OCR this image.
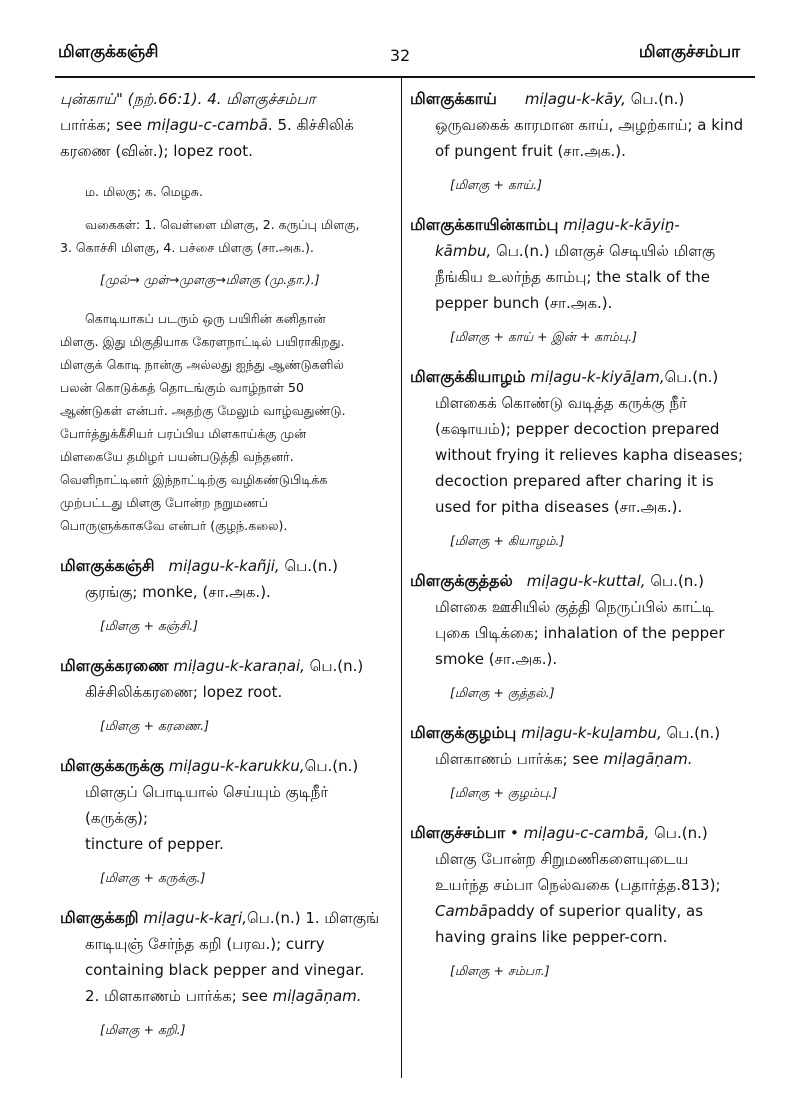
மிளகுக்கஞ்சி	32	மிளகுச்சம்பா

புன்காய்" (நற்.66:1). 4. மிளகுச்சம்பா

பார்க்க; see miḷagu-c-cambā. 5. கிச்சிலிக்

கரணை (வின்.); lopez root.

ம. மிலகு; க. மெழசு.

வகைகள்: 1. வெள்ளை மிளகு, 2. கருப்பு மிளகு,

3. கொச்சி மிளகு, 4. பச்சை மிளகு (சா.அக.).

[முல்→ முள்→முளகு→மிளகு (மு.தா.).]

கொடியாகப் படரும் ஒரு பயிரின் கனிதான்

மிளகு. இது மிகுதியாக கேரளநாட்டில் பயிராகிறது.

மிளகுக் கொடி நான்கு அல்லது ஐந்து ஆண்டுகளில்

பலன் கொடுக்கத் தொடங்கும் வாழ்நாள் 50

ஆண்டுகள் என்பர். அதற்கு மேலும் வாழ்வதுண்டு.

போர்த்துக்கீசியர் பரப்பிய மிளகாய்க்கு முன்

மிளகையே தமிழர் பயன்படுத்தி வந்தனர்.

வெளிநாட்டினர் இந்நாட்டிற்கு வழிகண்டுபிடிக்க

முற்பட்டது மிளகு போன்ற நறுமணப்

பொருளுக்காகவே என்பர் (குழந்.கலை).

மிளகுக்கஞ்சி miḷagu-k-kañji, பெ.(n.)

குரங்கு; monke, (சா.அக.).

[மிளகு + கஞ்சி.]

மிளகுக்கரணை miḷagu-k-karaṇai, பெ.(n.)

கிச்சிலிக்கரணை; lopez root.

[மிளகு + கரணை.]

மிளகுக்கருக்கு miḷagu-k-karukku,பெ.(n.)

மிளகுப் பொடியால் செய்யும் குடிநீர் (கருக்கு);

tincture of pepper.

[மிளகு + கருக்கு.]

மிளகுக்கறி miḷagu-k-kaṟi,பெ.(n.) 1. மிளகுங்

காடியுஞ் சேர்ந்த கறி (பரவ.); curry

containing black pepper and vinegar.

2. மிளகாணம் பார்க்க; see miḷagāṇam.

[மிளகு + கறி.]

மிளகுக்காய் miḷagu-k-kāy, பெ.(n.)

ஒருவகைக் காரமான காய், அழற்காய்; a kind

of pungent fruit (சா.அக.).

[மிளகு + காய்.]

மிளகுக்காயின்காம்பு miḷagu-k-kāyiṉ-

kāmbu, பெ.(n.) மிளகுச் செடியில் மிளகு

நீங்கிய உலர்ந்த காம்பு; the stalk of the

pepper bunch (சா.அக.).

[மிளகு + காய் + இன் + காம்பு.]

மிளகுக்கியாழம் miḷagu-k-kiyāḻam,பெ.(n.)

மிளகைக் கொண்டு வடித்த கருக்கு நீர்

(கஷாயம்); pepper decoction prepared

without frying it relieves kapha diseases;

decoction prepared after charing it is

used for pitha diseases (சா.அக.).

[மிளகு + கியாழம்.]

மிளகுக்குத்தல் miḷagu-k-kuttal, பெ.(n.)

மிளகை ஊசியில் குத்தி நெருப்பில் காட்டி

புகை பிடிக்கை; inhalation of the pepper

smoke (சா.அக.).

[மிளகு + குத்தல்.]

மிளகுக்குழம்பு miḷagu-k-kuḻambu, பெ.(n.)

மிளகாணம் பார்க்க; see miḷagāṇam.

[மிளகு + குழம்பு.]

மிளகுச்சம்பா • miḷagu-c-cambā, பெ.(n.)

மிளகு போன்ற சிறுமணிகளையுடைய

உயர்ந்த சம்பா நெல்வகை (பதார்த்த.813);

Cambāpaddy of superior quality, as

having grains like pepper-corn.

[மிளகு + சம்பா.]
